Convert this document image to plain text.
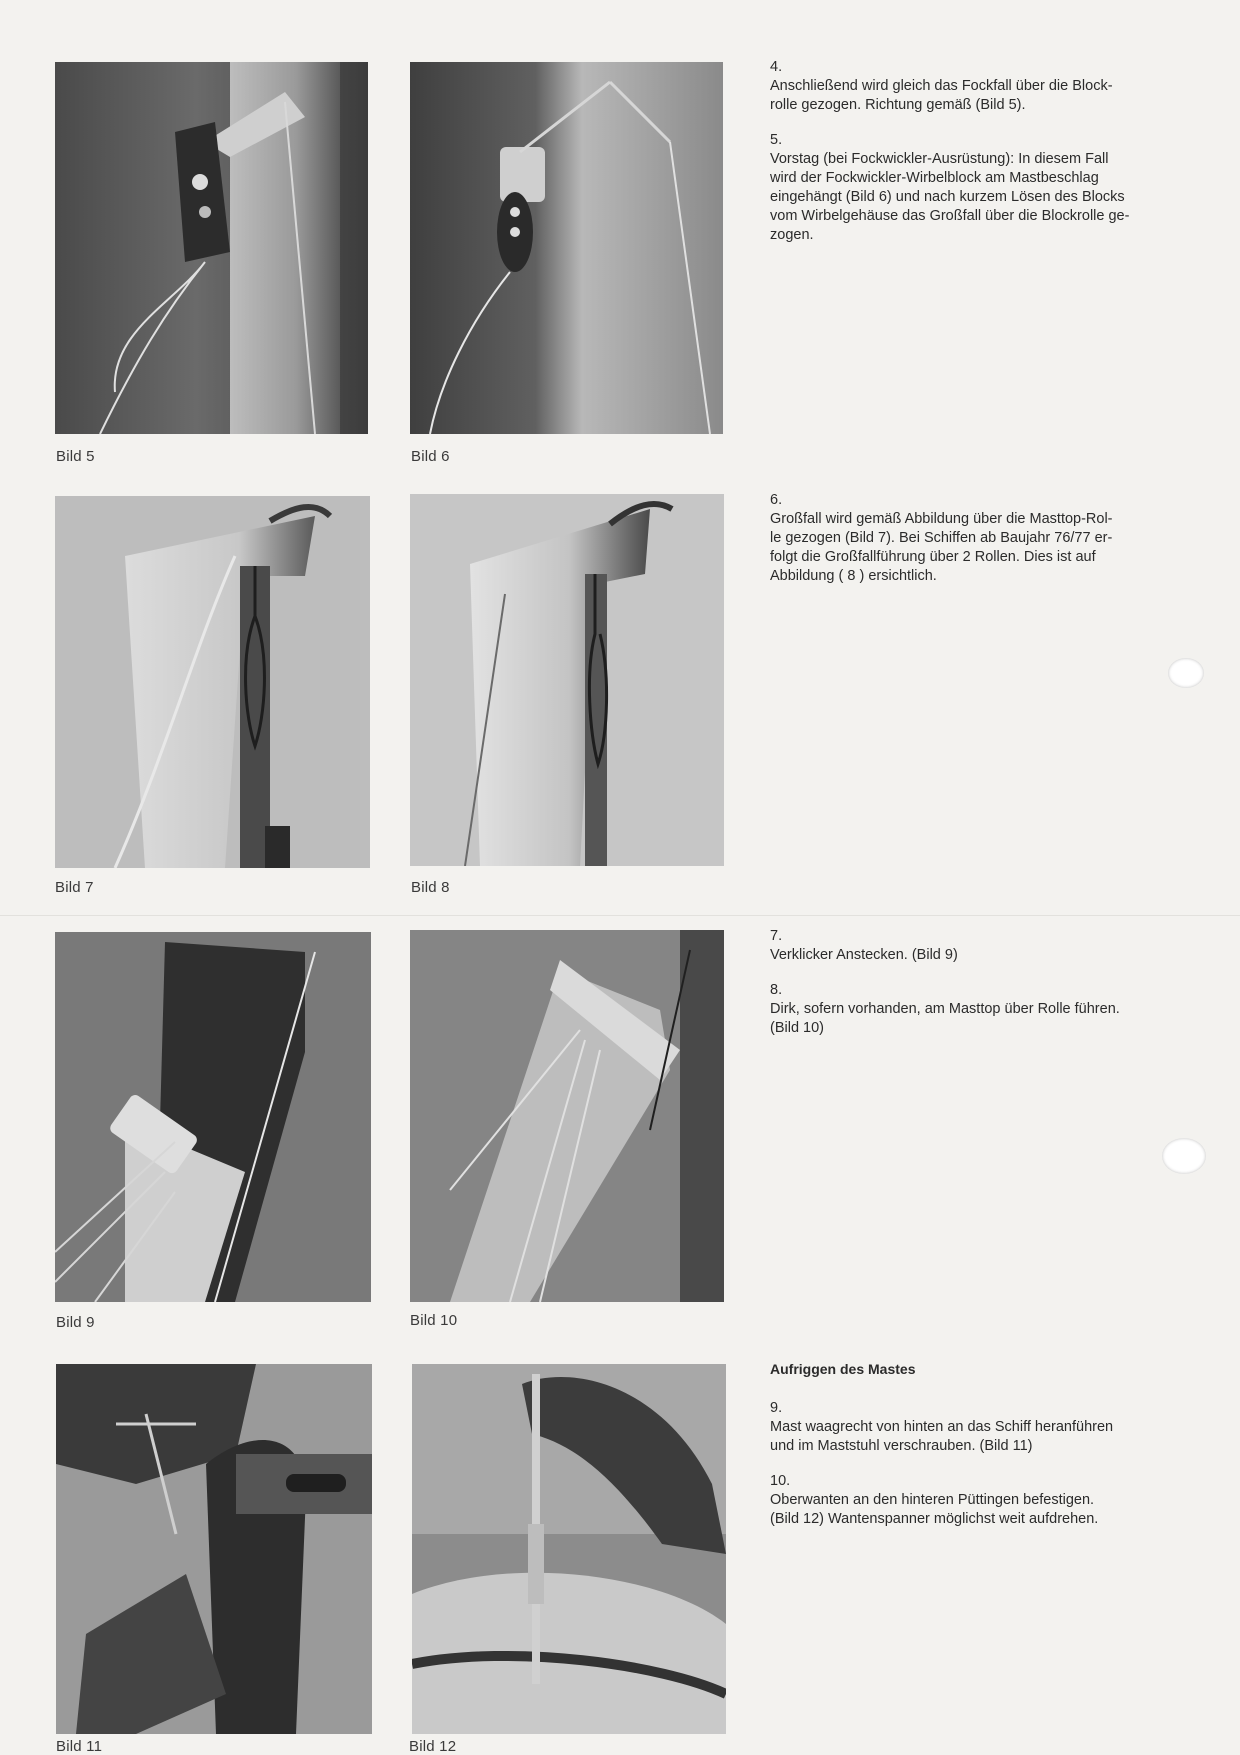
Bild 5	Bild 6

4.
Anschließend wird gleich das Fockfall über die Block-
rolle gezogen. Richtung gemäß (Bild 5).

5.
Vorstag (bei Fockwickler-Ausrüstung): In diesem Fall
wird der Fockwickler-Wirbelblock am Mastbeschlag
eingehängt (Bild 6) und nach kurzem Lösen des Blocks
vom Wirbelgehäuse das Großfall über die Blockrolle ge-
zogen.

Bild 7	Bild 8

6.
Großfall wird gemäß Abbildung über die Masttop-Rol-
le gezogen (Bild 7). Bei Schiffen ab Baujahr 76/77 er-
folgt die Großfallführung über 2 Rollen. Dies ist auf
Abbildung ( 8 ) ersichtlich.

Bild 9	Bild 10

7.
Verklicker Anstecken. (Bild 9)

8.
Dirk, sofern vorhanden, am Masttop über Rolle führen.
(Bild 10)

Bild 11	Bild 12
Aufriggen des Mastes

9.
Mast waagrecht von hinten an das Schiff heranführen
und im Maststuhl verschrauben. (Bild 11)

10.
Oberwanten an den hinteren Püttingen befestigen.
(Bild 12) Wantenspanner möglichst weit aufdrehen.
